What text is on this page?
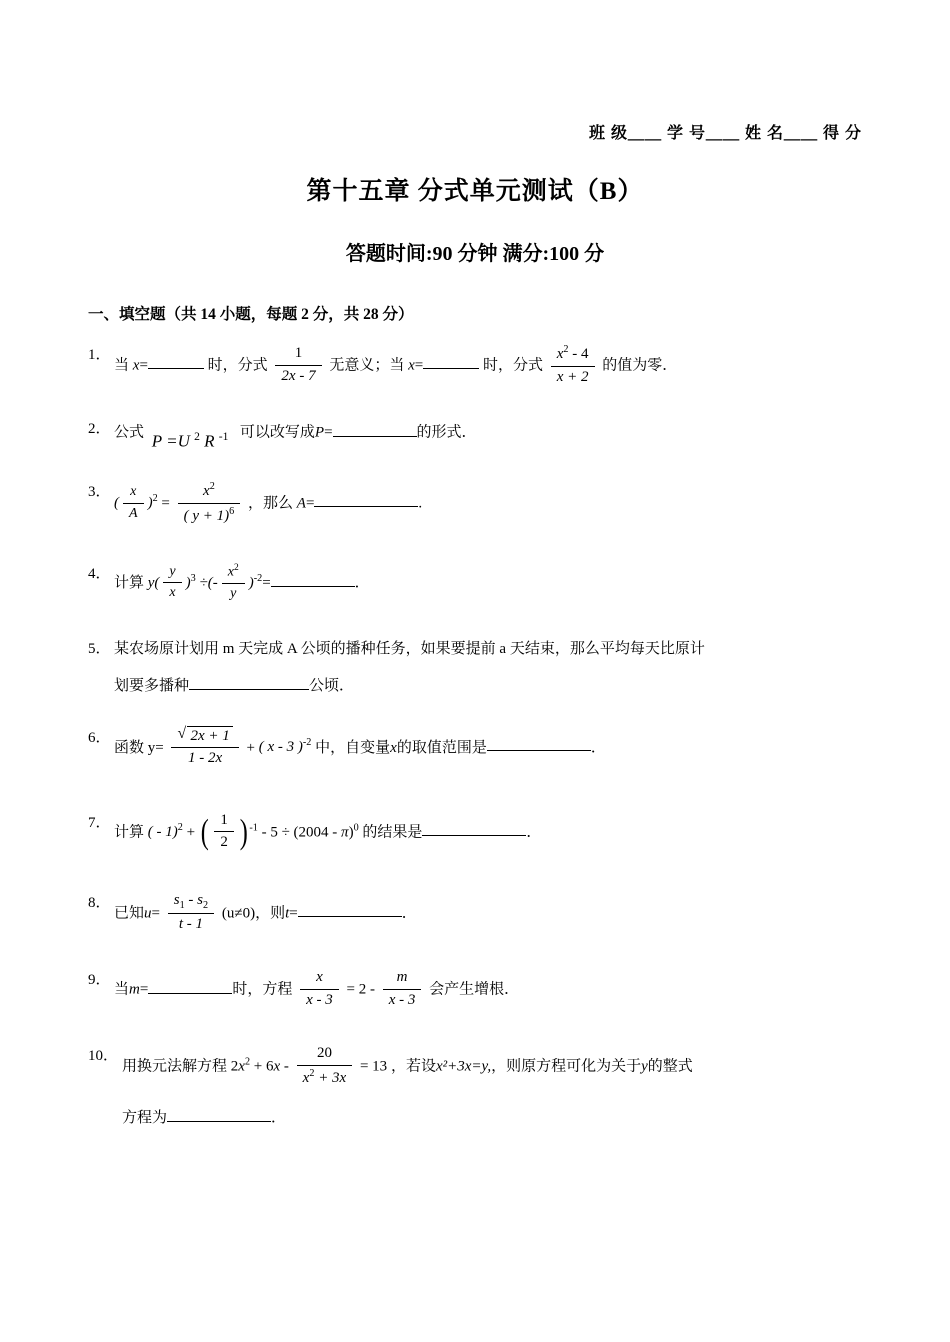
班 级＿＿ 学 号＿＿ 姓 名＿＿ 得 分
第十五章 分式单元测试（B）
答题时间:90 分钟 满分:100 分
一、填空题（共 14 小题，每题 2 分，共 28 分）
1．
当 x=	时，分式 $\frac{1}{2x - 7}$ 无意义；当 x=	时，分式 $\frac{x^2 - 4}{x + 2}$ 的值为零．
2． 公式 P =U $^2$ R $^{-1}$ 可以改写成P=	的形式．
3．
( $\frac{x}{A} )^2 = \frac{x^2}{( y + 1)^6}$ ，那么 A=	.
4．
计算 $y( \frac{y}{x} )^3$ ÷(- $\frac{x^2}{y} )^{-2}=$	．
5． 某农场原计划用 m 天完成 A 公顷的播种任务，如果要提前 a 天结束，那么平均每天比原计
划要多播种	公顷．
6．
函数 y= √ $\frac{2x + 1}{1 - 2x}$ + ( x - 3 )$^{-2}$ 中，自变量x的取值范围是	．
7．
计算 ( - 1)$^2$ + ( $\frac{1}{2}$ ) $^{-1}$ - 5 ÷ (2004 - π)$^0$ 的结果是	．
8．
已知$u= \frac{s_1 - s_2}{t - 1} (u\ne 0)$，则t=	．
9．
当m=	时，方程 $\frac{x}{x - 3} = 2 - \frac{m}{x - 3}$ 会产生增根．
10．
用换元法解方程 $2x^2 + 6x - \frac{20}{x^2 + 3x} = 13$ ，若设x²+3x=y,，则原方程可化为关于y的整式
方程为	．
